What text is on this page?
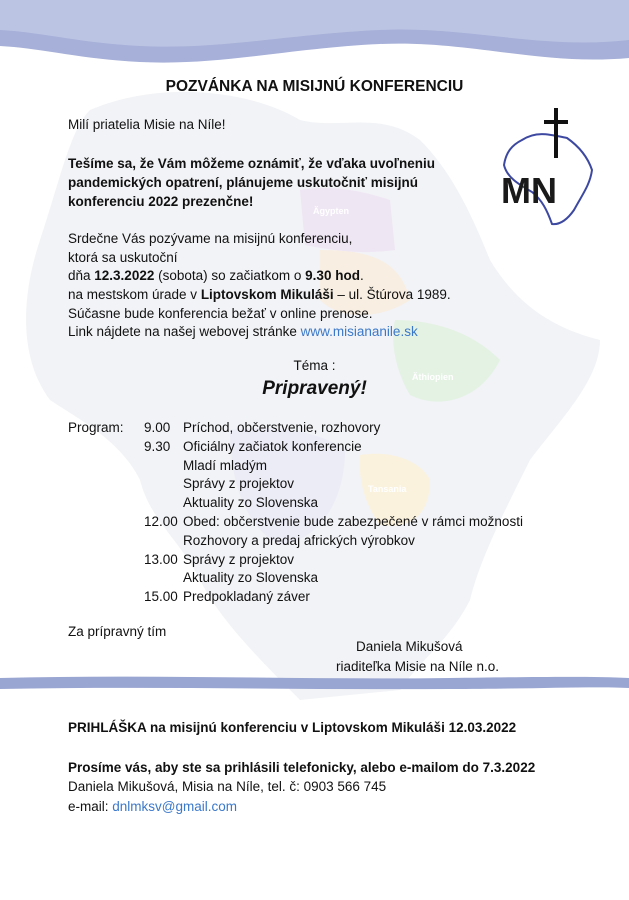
Ägypten
Äthiopien
Tansania
MN
POZVÁNKA NA MISIJNÚ KONFERENCIU
Milí priatelia Misie na Níle!
Tešíme sa, že Vám môžeme oznámiť, že vďaka uvoľneniu
pandemických opatrení, plánujeme uskutočniť misijnú
konferenciu 2022 prezenčne!
Srdečne Vás pozývame na misijnú konferenciu,
ktorá sa uskutoční
dňa 12.3.2022 (sobota) so začiatkom o 9.30 hod.
na mestskom úrade v Liptovskom Mikuláši – ul. Štúrova 1989.
Súčasne bude konferencia bežať v online prenose.
Link nájdete na našej webovej stránke www.misiananile.sk
Téma :
Pripravený!
Program: 9.00 Príchod, občerstvenie, rozhovory
9.30 Oficiálny začiatok konferencie
Mladí mladým
Správy z projektov
Aktuality zo Slovenska
12.00 Obed: občerstvenie bude zabezpečené v rámci možnosti
Rozhovory a predaj afrických výrobkov
13.00 Správy z projektov
Aktuality zo Slovenska
15.00 Predpokladaný záver
Za prípravný tím
Daniela Mikušová
riaditeľka Misie na Níle n.o.
PRIHLÁŠKA na misijnú konferenciu v Liptovskom Mikuláši 12.03.2022
Prosíme vás, aby ste sa prihlásili telefonicky, alebo e-mailom do 7.3.2022
Daniela Mikušová, Misia na Níle, tel. č: 0903 566 745
e-mail: dnlmksv@gmail.com
